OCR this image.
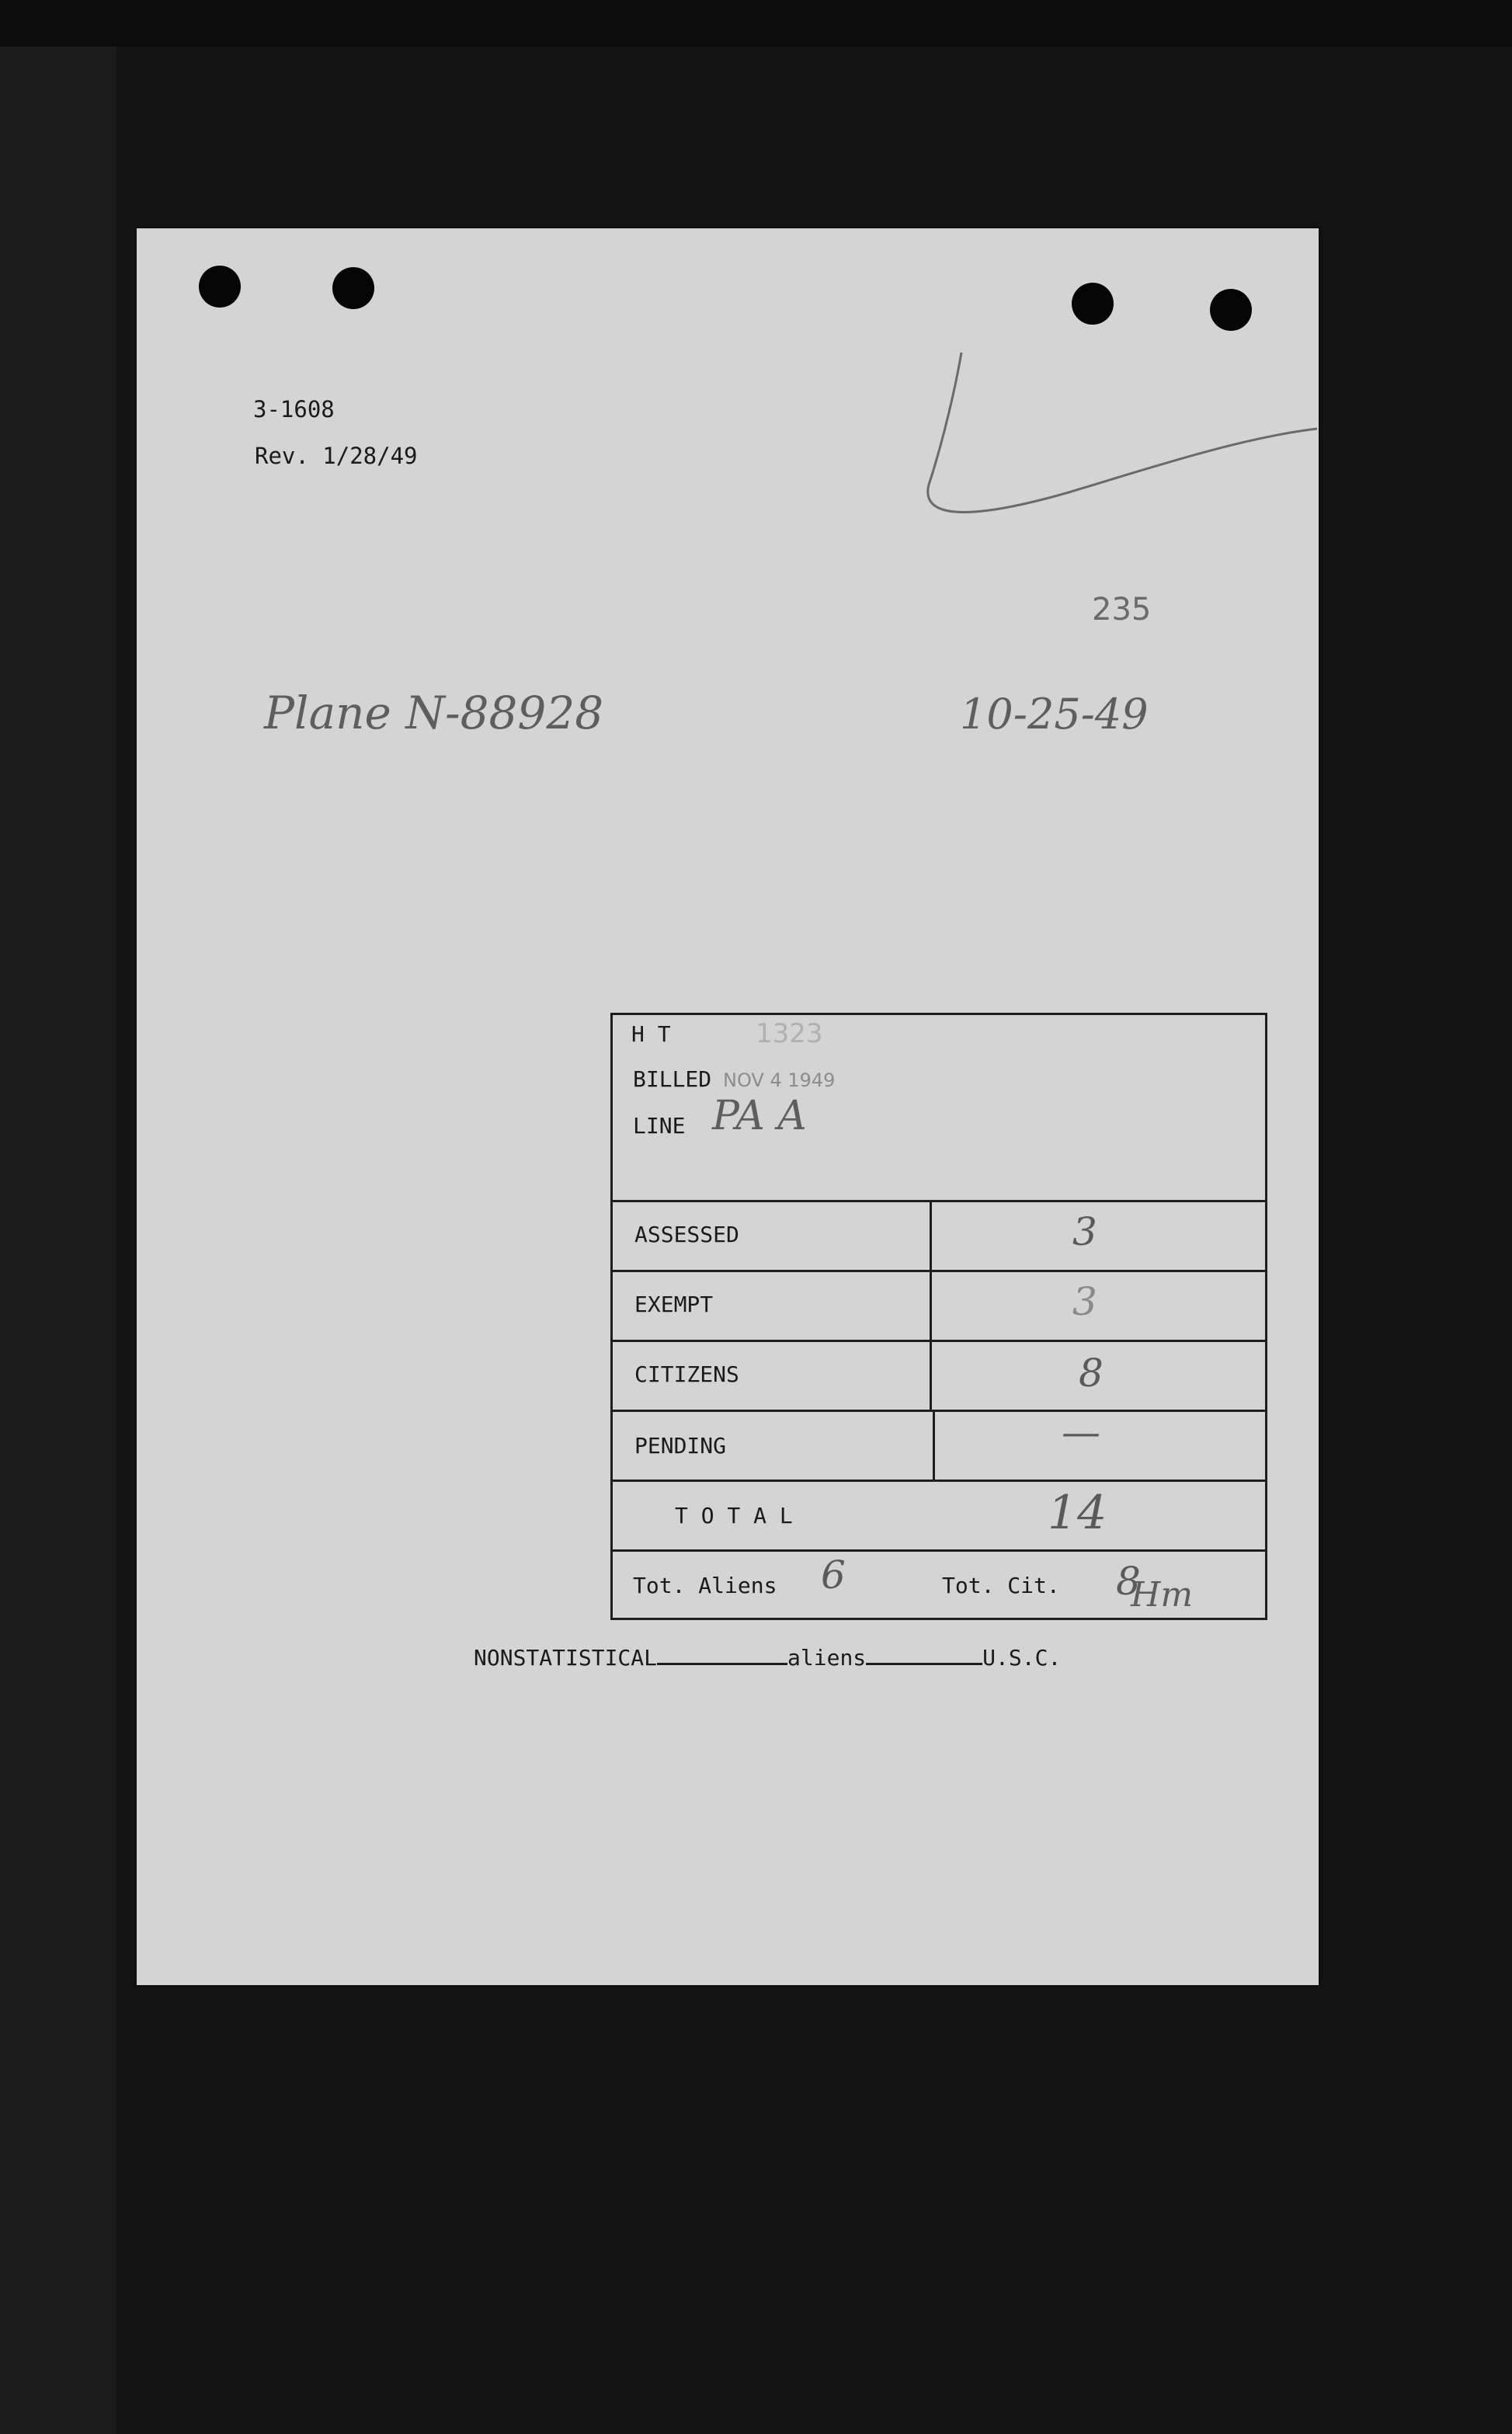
3-1608
Rev. 1/28/49
235
Plane N-88928	10-25-49
H T	1323
BILLED NOV 4 1949
LINE PA A
ASSESSED	3
EXEMPT	3
CITIZENS	8
PENDING	—
T O T A L	14
Tot. Aliens 6	Tot. Cit. 8
Hm
NONSTATISTICAL	aliens	U.S.C.
